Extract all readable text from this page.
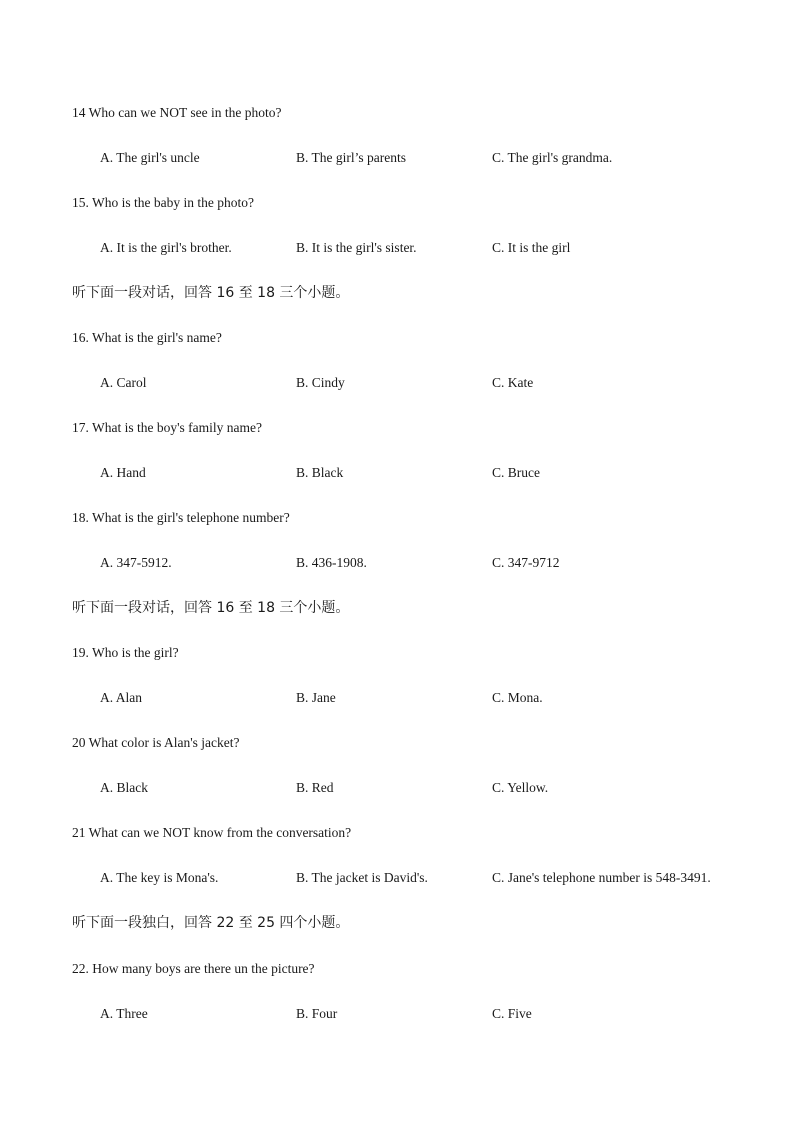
14 Who can we NOT see in the photo?
A. The girl's uncle	B. The girl’s parents	C. The girl's grandma.
15. Who is the baby in the photo?
A. It is the girl's brother.	B. It is the girl's sister.	C. It is the girl
听下面一段对话，回答 16 至 18 三个小题。
16. What is the girl's name?
A. Carol	B. Cindy	C. Kate
17. What is the boy's family name?
A. Hand	B. Black	C. Bruce
18. What is the girl's telephone number?
A. 347-5912.	B. 436-1908.	C. 347-9712
听下面一段对话，回答 16 至 18 三个小题。
19. Who is the girl?
A. Alan	B. Jane	C. Mona.
20 What color is Alan's jacket?
A. Black	B. Red	C. Yellow.
21 What can we NOT know from the conversation?
A. The key is Mona's.	B. The jacket is David's.	C. Jane's telephone number is 548-3491.
听下面一段独白，回答 22 至 25 四个小题。
22. How many boys are there un the picture?
A. Three	B. Four	C. Five
